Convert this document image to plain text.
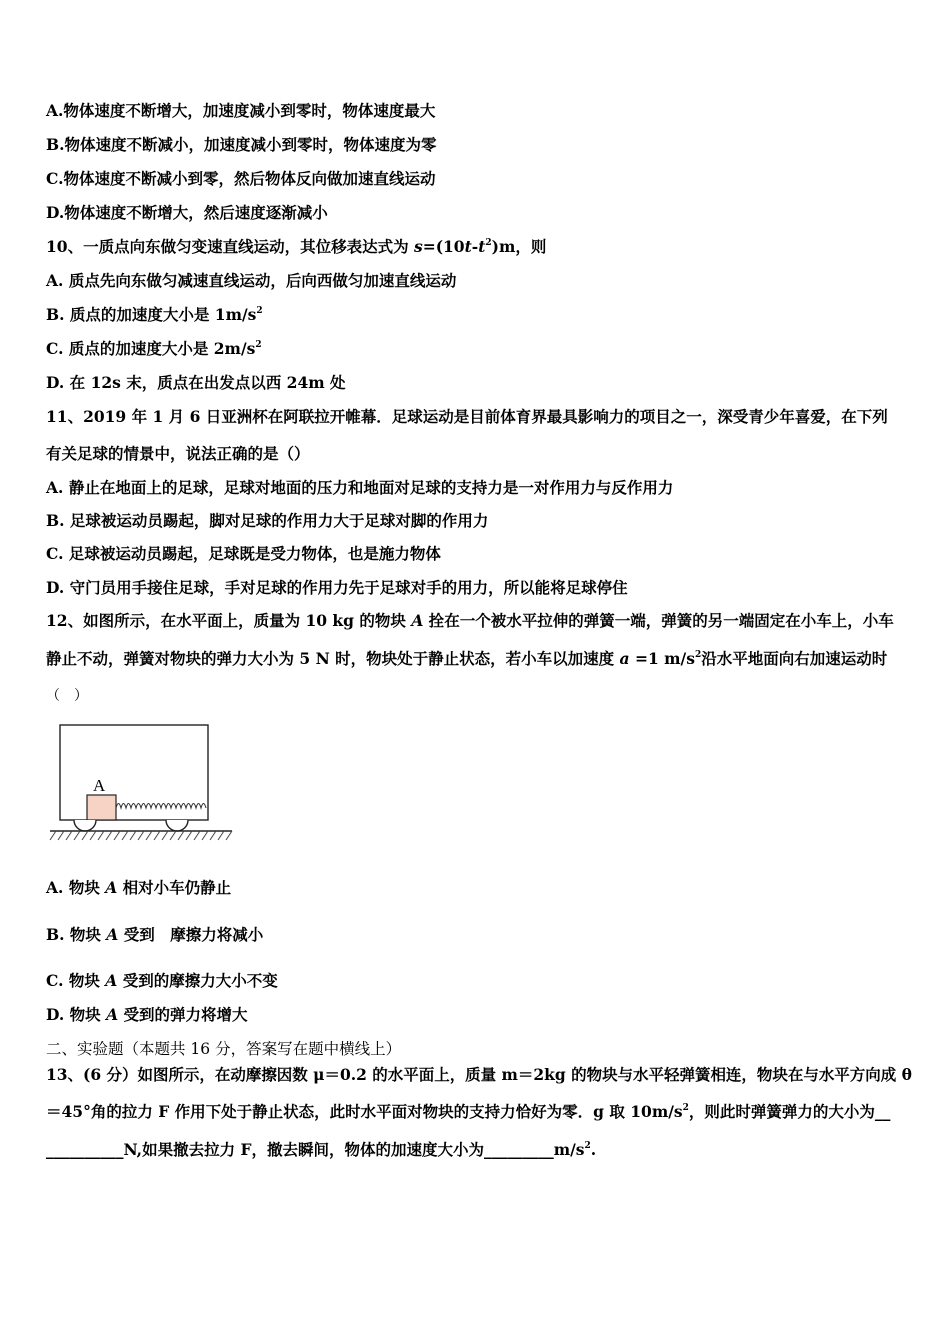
A.物体速度不断增大，加速度减小到零时，物体速度最大
B.物体速度不断减小，加速度减小到零时，物体速度为零
C.物体速度不断减小到零，然后物体反向做加速直线运动
D.物体速度不断增大，然后速度逐渐减小
10、一质点向东做匀变速直线运动，其位移表达式为 $s=(10t-t^2)m$，则
A. 质点先向东做匀减速直线运动，后向西做匀加速直线运动
B. 质点的加速度大小是 $1m/s^2$
C. 质点的加速度大小是 $2m/s^2$
D. 在 12s 末，质点在出发点以西 24m 处
11、2019 年 1 月 6 日亚洲杯在阿联拉开帷幕．足球运动是目前体育界最具影响力的项目之一，深受青少年喜爱，在下列
有关足球的情景中，说法正确的是（）
A. 静止在地面上的足球，足球对地面的压力和地面对足球的支持力是一对作用力与反作用力
B. 足球被运动员踢起，脚对足球的作用力大于足球对脚的作用力
C. 足球被运动员踢起，足球既是受力物体，也是施力物体
D. 守门员用手接住足球，手对足球的作用力先于足球对手的用力，所以能将足球停住
12、如图所示，在水平面上，质量为 10 kg 的物块 A 拴在一个被水平拉伸的弹簧一端，弹簧的另一端固定在小车上，小车
静止不动，弹簧对物块的弹力大小为 5 N 时，物块处于静止状态，若小车以加速度 a =1 $m/s^2$沿水平地面向右加速运动时
（　）
A
A. 物块 A 相对小车仍静止
B. 物块 A 受到　摩擦力将减小
C. 物块 A 受到的摩擦力大小不变
D. 物块 A 受到的弹力将增大
二、实验题（本题共 16 分，答案写在题中横线上）
13、(6 分）如图所示，在动摩擦因数 μ＝0.2 的水平面上，质量 m＝2kg 的物块与水平轻弹簧相连，物块在与水平方向成 θ
＝45°角的拉力 F 作用下处于静止状态，此时水平面对物块的支持力恰好为零．g 取 $10m/s^2$，则此时弹簧弹力的大小为__
__________N,如果撤去拉力 F，撤去瞬间，物体的加速度大小为$\_\_\_\_\_\_\_\_\_m/s^2$.
